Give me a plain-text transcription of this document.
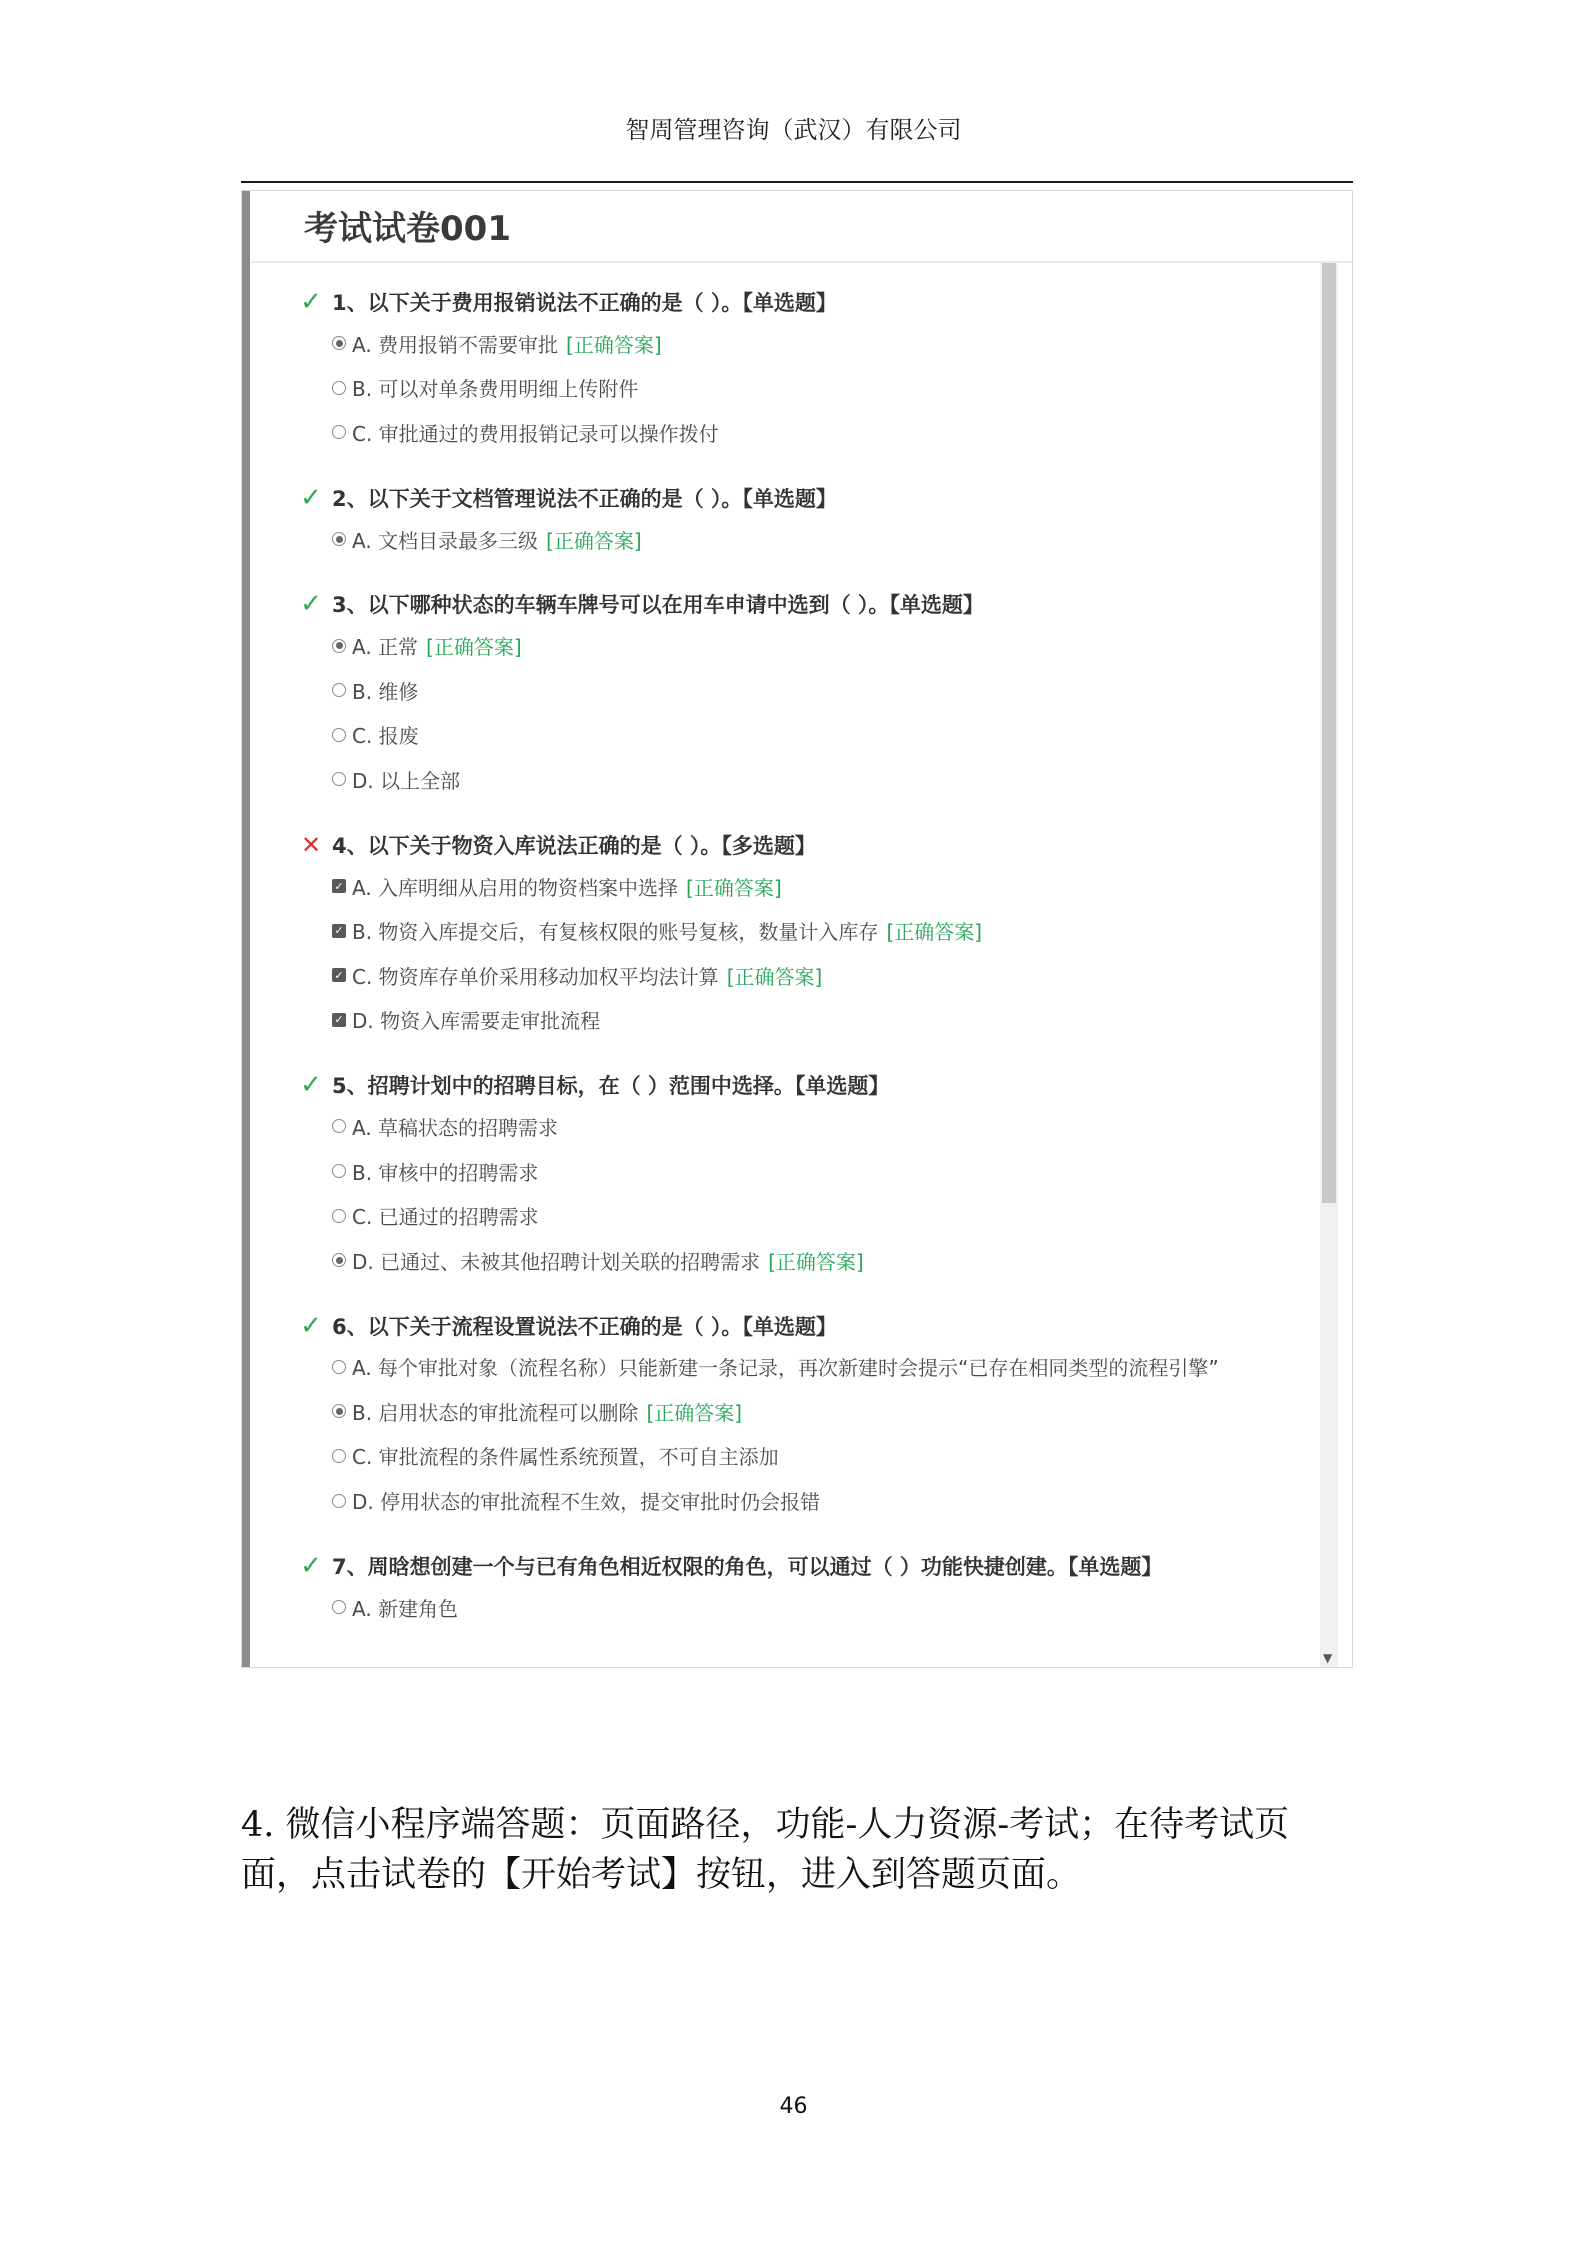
智周管理咨询（武汉）有限公司
考试试卷001
✓ 1、以下关于费用报销说法不正确的是（ ）。【单选题】
A. 费用报销不需要审批 [正确答案]
B. 可以对单条费用明细上传附件
C. 审批通过的费用报销记录可以操作拨付
✓ 2、以下关于文档管理说法不正确的是（ ）。【单选题】
A. 文档目录最多三级 [正确答案]
✓ 3、以下哪种状态的车辆车牌号可以在用车申请中选到（ ）。【单选题】
A. 正常 [正确答案]
B. 维修
C. 报废
D. 以上全部
✕ 4、以下关于物资入库说法正确的是（ ）。【多选题】
✓ A. 入库明细从启用的物资档案中选择 [正确答案]
✓ B. 物资入库提交后，有复核权限的账号复核，数量计入库存 [正确答案]
✓ C. 物资库存单价采用移动加权平均法计算 [正确答案]
✓ D. 物资入库需要走审批流程
✓ 5、招聘计划中的招聘目标，在（ ）范围中选择。【单选题】
A. 草稿状态的招聘需求
B. 审核中的招聘需求
C. 已通过的招聘需求
D. 已通过、未被其他招聘计划关联的招聘需求 [正确答案]
✓ 6、以下关于流程设置说法不正确的是（ ）。【单选题】
A. 每个审批对象（流程名称）只能新建一条记录，再次新建时会提示“已存在相同类型的流程引擎”
B. 启用状态的审批流程可以删除 [正确答案]
C. 审批流程的条件属性系统预置，不可自主添加
D. 停用状态的审批流程不生效，提交审批时仍会报错
✓ 7、周晗想创建一个与已有角色相近权限的角色，可以通过（ ）功能快捷创建。【单选题】
A. 新建角色
▼
4. 微信小程序端答题：页面路径，功能-人力资源-考试；在待考试页面，点击试卷的【开始考试】按钮，进入到答题页面。
46
